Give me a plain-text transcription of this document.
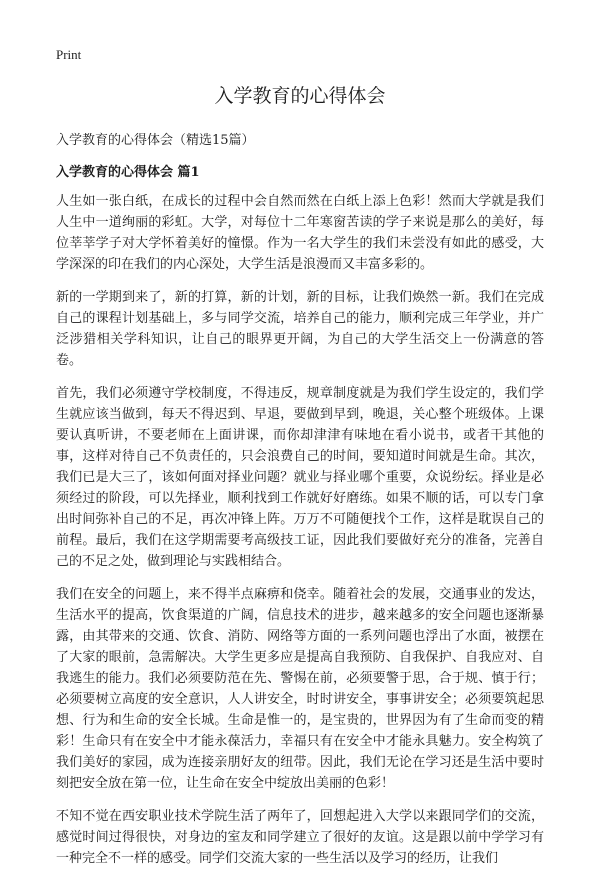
Print
入学教育的心得体会
入学教育的心得体会（精选15篇）
入学教育的心得体会 篇1

人生如一张白纸，在成长的过程中会自然而然在白纸上添上色彩！然而大学就是我们人生中一道绚丽的彩虹。大学，对每位十二年寒窗苦读的学子来说是那么的美好，每位莘莘学子对大学怀着美好的憧憬。作为一名大学生的我们未尝没有如此的感受，大学深深的印在我们的内心深处，大学生活是浪漫而又丰富多彩的。

新的一学期到来了，新的打算，新的计划，新的目标，让我们焕然一新。我们在完成自己的课程计划基础上，多与同学交流，培养自己的能力，顺利完成三年学业，并广泛涉猎相关学科知识，让自己的眼界更开阔，为自己的大学生活交上一份满意的答卷。

首先，我们必须遵守学校制度，不得违反，规章制度就是为我们学生设定的，我们学生就应该当做到，每天不得迟到、早退，要做到早到，晚退，关心整个班级体。上课要认真听讲，不要老师在上面讲课，而你却津津有味地在看小说书，或者干其他的事，这样对待自己不负责任的，只会浪费自己的时间，要知道时间就是生命。其次，我们已是大三了，该如何面对择业问题？就业与择业哪个重要，众说纷纭。择业是必须经过的阶段，可以先择业，顺利找到工作就好好磨练。如果不顺的话，可以专门拿出时间弥补自己的不足，再次冲锋上阵。万万不可随便找个工作，这样是耽误自己的前程。最后，我们在这学期需要考高级技工证，因此我们要做好充分的准备，完善自己的不足之处，做到理论与实践相结合。

我们在安全的问题上，来不得半点麻痹和侥幸。随着社会的发展，交通事业的发达，生活水平的提高，饮食渠道的广阔，信息技术的进步，越来越多的安全问题也逐渐暴露，由其带来的交通、饮食、消防、网络等方面的一系列问题也浮出了水面，被摆在了大家的眼前，急需解决。大学生更多应是提高自我预防、自我保护、自我应对、自我逃生的能力。我们必须要防范在先、警惕在前，必须要警于思，合于规、慎于行；必须要树立高度的安全意识，人人讲安全，时时讲安全，事事讲安全；必须要筑起思想、行为和生命的安全长城。生命是惟一的，是宝贵的，世界因为有了生命而变的精彩！生命只有在安全中才能永葆活力，幸福只有在安全中才能永具魅力。安全构筑了我们美好的家园，成为连接亲朋好友的纽带。因此，我们无论在学习还是生活中要时刻把安全放在第一位，让生命在安全中绽放出美丽的色彩！

不知不觉在西安职业技术学院生活了两年了，回想起进入大学以来跟同学们的交流，感觉时间过得很快，对身边的室友和同学建立了很好的友谊。这是跟以前中学学习有一种完全不一样的感受。同学们交流大家的一些生活以及学习的经历，让我们
